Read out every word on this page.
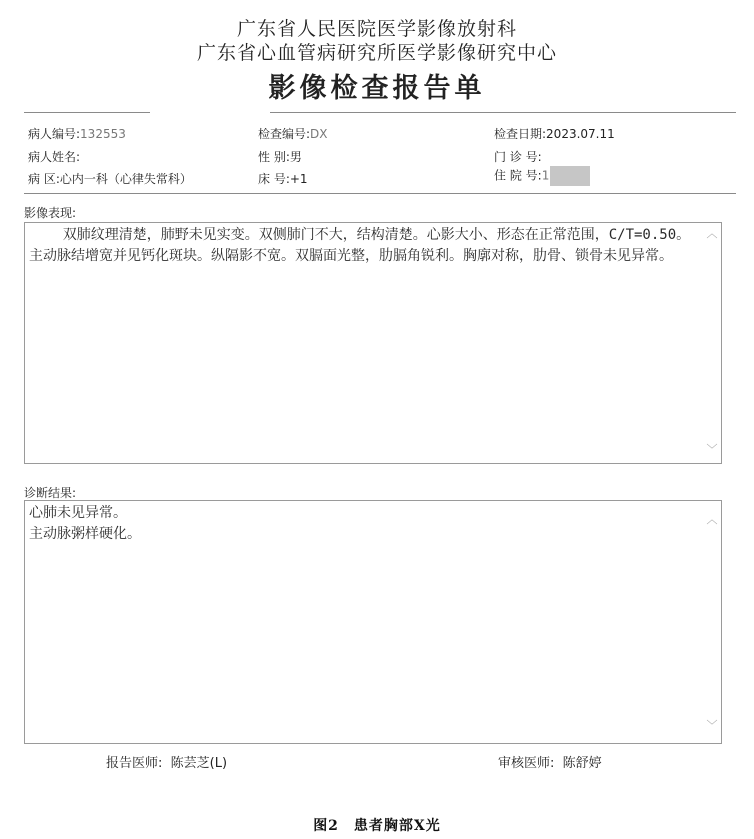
广东省人民医院医学影像放射科
广东省心血管病研究所医学影像研究中心
影像检查报告单
病人编号:132553	检查编号:DX	检查日期:2023.07.11
病人姓名:	性 别:男	门 诊 号:
病 区:心内一科（心律失常科）	床 号:+1	住 院 号:1
影像表现:
双肺纹理清楚，肺野未见实变。双侧肺门不大，结构清楚。心影大小、形态在正常范围，C/T=0.50。主动脉结增宽并见钙化斑块。纵隔影不宽。双膈面光整，肋膈角锐利。胸廓对称，肋骨、锁骨未见异常。
︿
﹀
诊断结果:
心肺未见异常。
主动脉粥样硬化。
︿
﹀
报告医师: 陈芸芝(L)	审核医师: 陈舒婷
图2　患者胸部X光
